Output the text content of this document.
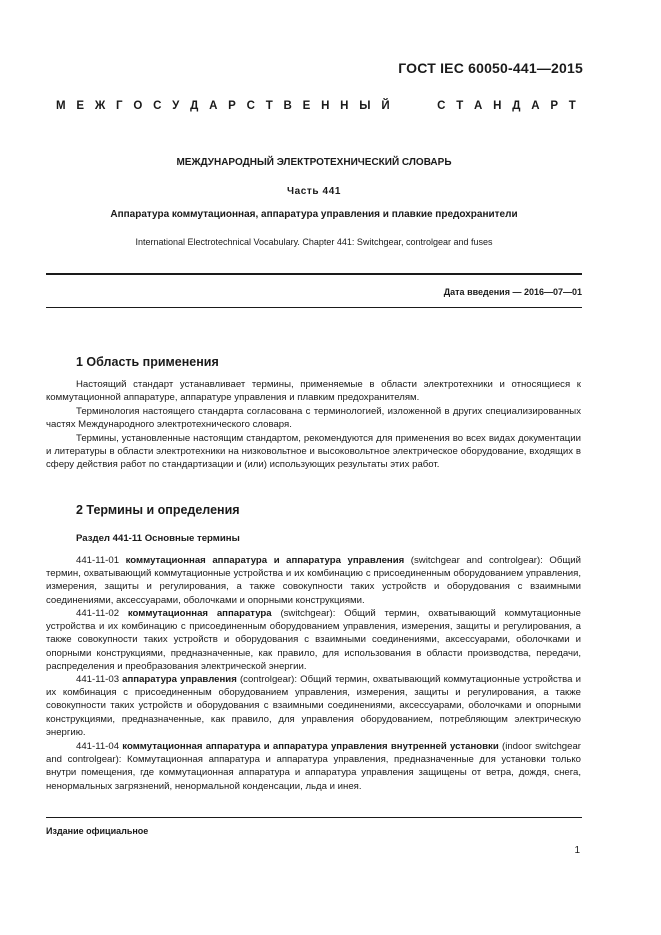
ГОСТ IEC 60050-441—2015
М Е Ж Г О С У Д А Р С Т В Е Н Н Ы Й	С Т А Н Д А Р Т
МЕЖДУНАРОДНЫЙ ЭЛЕКТРОТЕХНИЧЕСКИЙ СЛОВАРЬ
Часть 441
Аппаратура коммутационная, аппаратура управления и плавкие предохранители
International Electrotechnical Vocabulary. Chapter 441: Switchgear, controlgear and fuses
Дата введения — 2016—07—01
1 Область применения
Настоящий стандарт устанавливает термины, применяемые в области электротехники и относящиеся к коммутационной аппаратуре, аппаратуре управления и плавким предохранителям.
Терминология настоящего стандарта согласована с терминологией, изложенной в других специализированных частях Международного электротехнического словаря.
Термины, установленные настоящим стандартом, рекомендуются для применения во всех видах документации и литературы в области электротехники на низковольтное и высоковольтное электрическое оборудование, входящих в сферу действия работ по стандартизации и (или) использующих результаты этих работ.
2 Термины и определения
Раздел 441-11 Основные термины
441-11-01 коммутационная аппаратура и аппаратура управления (switchgear and controlgear): Общий термин, охватывающий коммутационные устройства и их комбинацию с присоединенным оборудованием управления, измерения, защиты и регулирования, а также совокупности таких устройств и оборудования с взаимными соединениями, аксессуарами, оболочками и опорными конструкциями.
441-11-02 коммутационная аппаратура (switchgear): Общий термин, охватывающий коммутационные устройства и их комбинацию с присоединенным оборудованием управления, измерения, защиты и регулирования, а также совокупности таких устройств и оборудования с взаимными соединениями, аксессуарами, оболочками и опорными конструкциями, предназначенные, как правило, для использования в области производства, передачи, распределения и преобразования электрической энергии.
441-11-03 аппаратура управления (controlgear): Общий термин, охватывающий коммутационные устройства и их комбинация с присоединенным оборудованием управления, измерения, защиты и регулирования, а также совокупности таких устройств и оборудования с взаимными соединениями, аксессуарами, оболочками и опорными конструкциями, предназначенные, как правило, для управления оборудованием, потребляющим электрическую энергию.
441-11-04 коммутационная аппаратура и аппаратура управления внутренней установки (indoor switchgear and controlgear): Коммутационная аппаратура и аппаратура управления, предназначенные для установки только внутри помещения, где коммутационная аппаратура и аппаратура управления защищены от ветра, дождя, снега, ненормальных загрязнений, ненормальной конденсации, льда и инея.
Издание официальное
1
